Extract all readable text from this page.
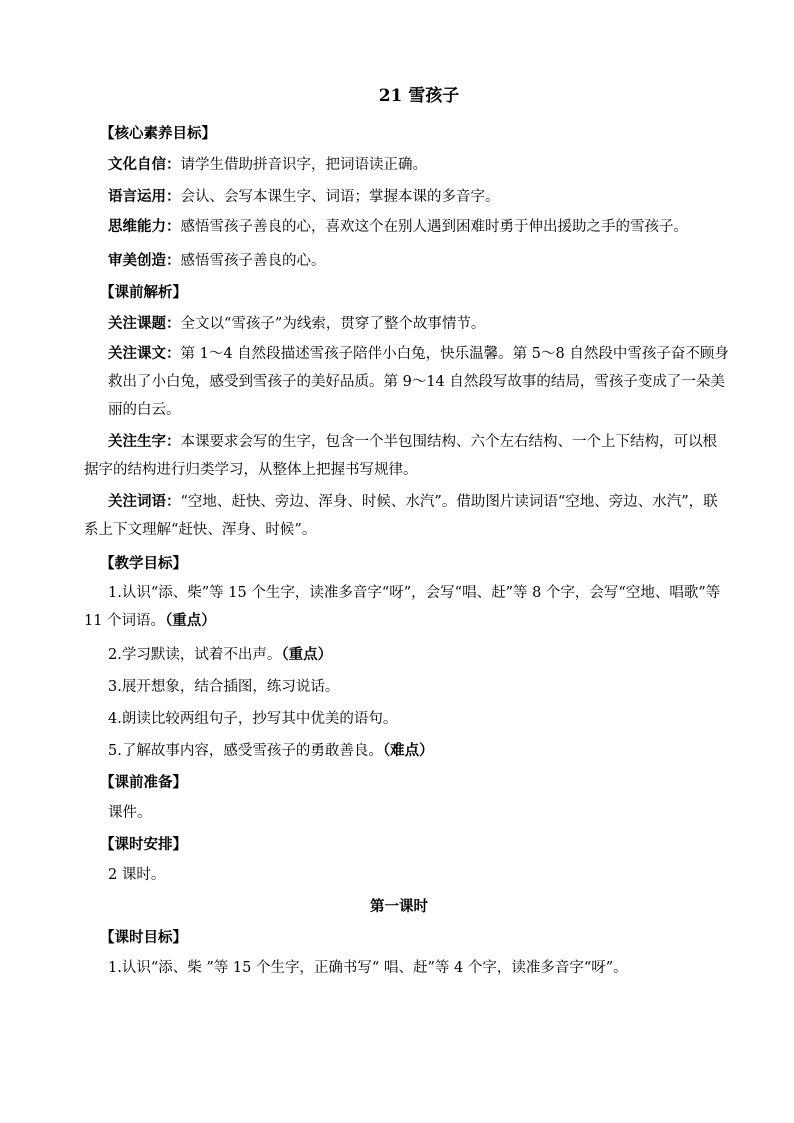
21 雪孩子

【核心素养目标】

文化自信：请学生借助拼音识字，把词语读正确。

语言运用：会认、会写本课生字、词语；掌握本课的多音字。

思维能力：感悟雪孩子善良的心，喜欢这个在别人遇到困难时勇于伸出援助之手的雪孩子。

审美创造：感悟雪孩子善良的心。

【课前解析】

关注课题：全文以“雪孩子”为线索，贯穿了整个故事情节。

关注课文：第 1～4 自然段描述雪孩子陪伴小白兔，快乐温馨。第 5～8 自然段中雪孩子奋不顾身救出了小白兔，感受到雪孩子的美好品质。第 9～14 自然段写故事的结局，雪孩子变成了一朵美丽的白云。

关注生字：本课要求会写的生字，包含一个半包围结构、六个左右结构、一个上下结构，可以根据字的结构进行归类学习，从整体上把握书写规律。

关注词语：“空地、赶快、旁边、浑身、时候、水汽”。借助图片读词语“空地、旁边、水汽”，联系上下文理解“赶快、浑身、时候”。

【教学目标】

1.认识“添、柴”等 15 个生字，读准多音字“呀”，会写“唱、赶”等 8 个字，会写“空地、唱歌”等 11 个词语。（重点）

2.学习默读，试着不出声。（重点）

3.展开想象，结合插图，练习说话。

4.朗读比较两组句子，抄写其中优美的语句。

5.了解故事内容，感受雪孩子的勇敢善良。（难点）

【课前准备】

课件。

【课时安排】

2 课时。

第一课时

【课时目标】

1.认识“添、柴 ”等 15 个生字，正确书写“ 唱、赶”等 4 个字，读准多音字“呀”。
